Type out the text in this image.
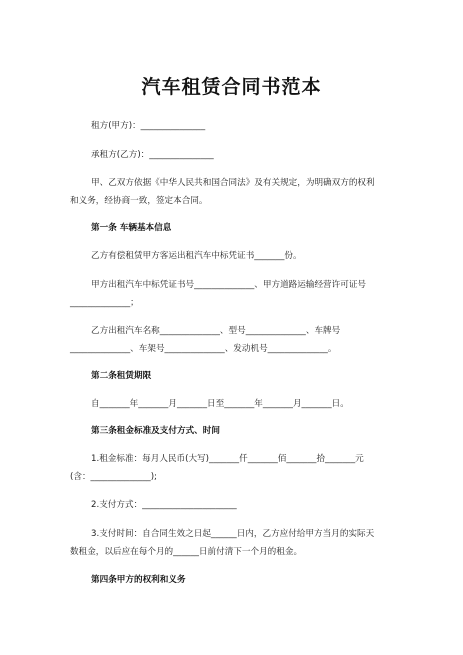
汽车租赁合同书范本
租方(甲方)：_______________
承租方(乙方)：_______________
甲、乙双方依据《中华人民共和国合同法》及有关规定，为明确双方的权利
和义务，经协商一致，签定本合同。
第一条 车辆基本信息
乙方有偿租赁甲方客运出租汽车中标凭证书_______份。
甲方出租汽车中标凭证书号______________、甲方道路运输经营许可证号
______________；
乙方出租汽车名称______________、型号______________、车牌号
______________、车架号______________、发动机号______________。
第二条租赁期限
自_______年_______月_______日至_______年_______月_______日。
第三条租金标准及支付方式、时间
1.租金标准：每月人民币(大写)_______仟_______佰_______拾_______元
(含：______________);
2.支付方式：______________________
3.支付时间：自合同生效之日起______日内，乙方应付给甲方当月的实际天
数租金，以后应在每个月的______日前付清下一个月的租金。
第四条甲方的权利和义务
